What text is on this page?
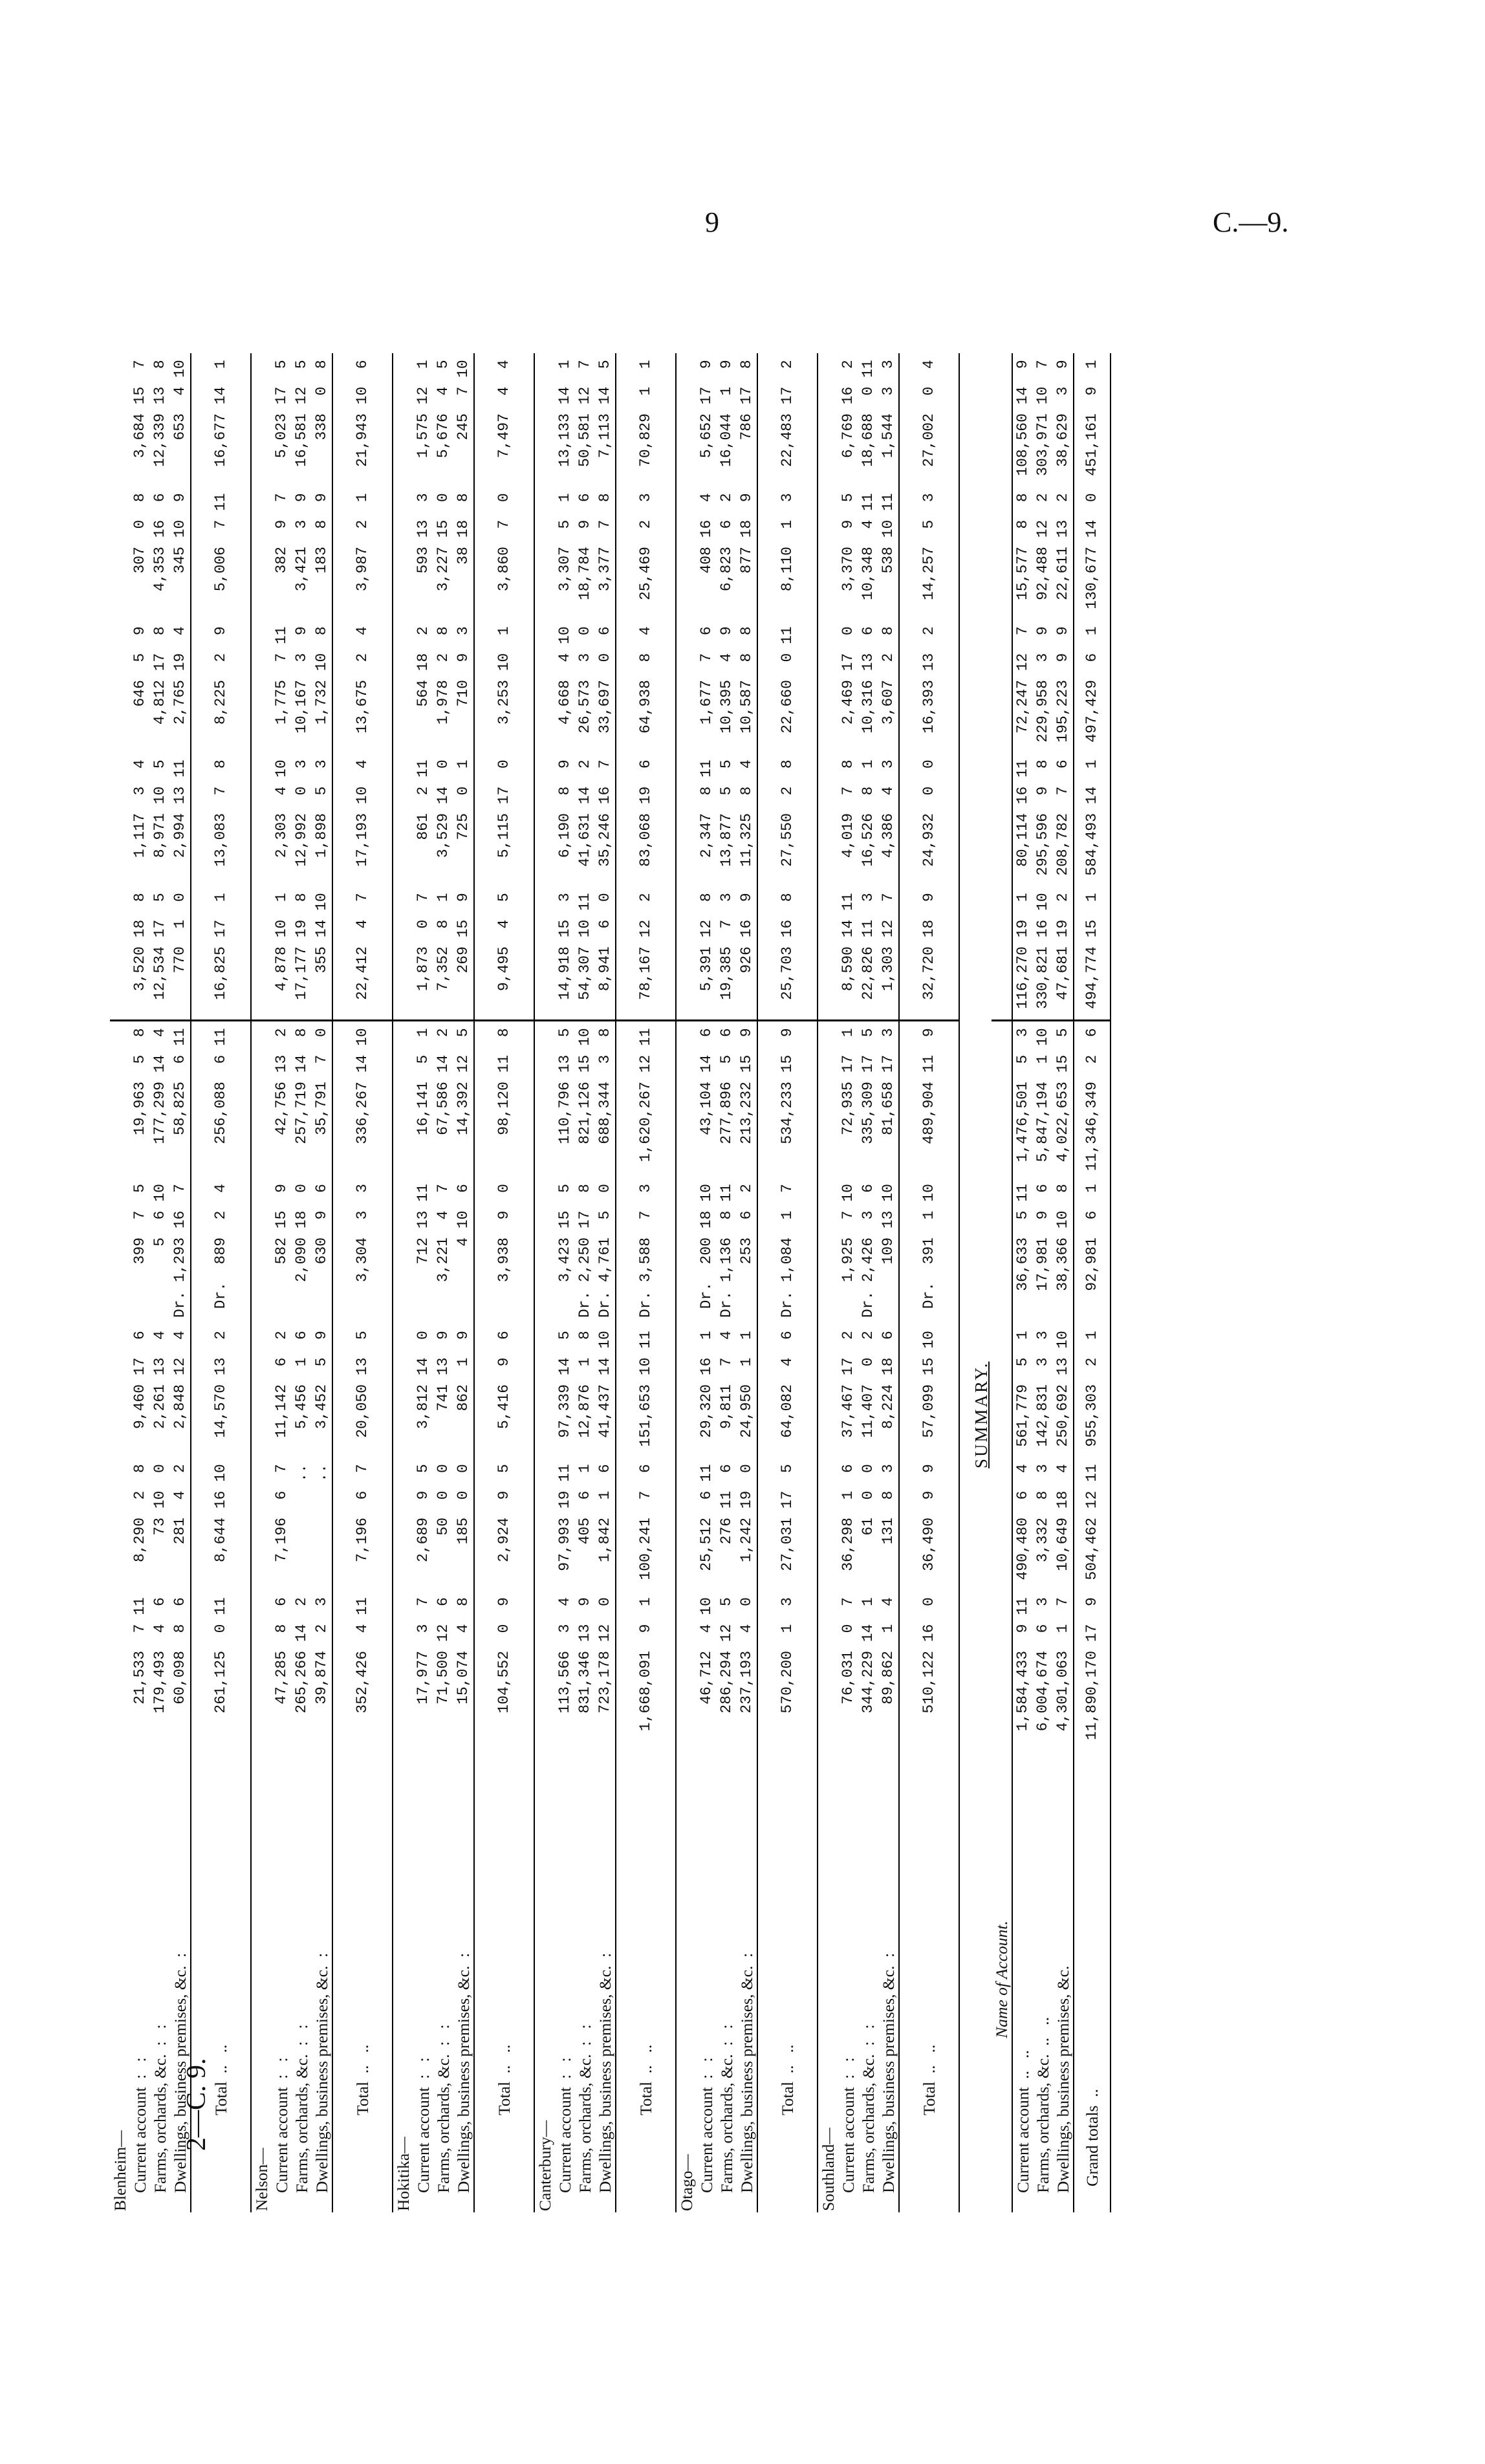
9	C.—9.
2—C. 9.
Blenheim—										
Current account  :   :	21,533  7 11	8,290  2  8	9,460 17  6	399  7  5	19,963  5  8	3,520 18  8	1,117  3  4	646  5  9	307  0  8	3,684 15  7
Farms, orchards, &c.  :   :	179,493  4  6	73 10  0	2,261 13  4	5  6 10	177,299 14  4	12,534 17  5	8,971 10  5	4,812 17  8	4,353 16  6	12,339 13  8
Dwellings, business premises, &c.  :	60,098  8  6	281  4  2	2,848 12  4	Dr. 1,293 16  7	58,825  6 11	770  1  0	2,994 13 11	2,765 19  4	345 10  9	653  4 10
Total  ..   ..	261,125  0 11	8,644 16 10	14,570 13  2	Dr.  889  2  4	256,088  6 11	16,825 17  1	13,083  7  8	8,225  2  9	5,006  7 11	16,677 14  1
Nelson—										
Current account  :   :	47,285  8  6	7,196  6  7	11,142  6  2	582 15  9	42,756 13  2	4,878 10  1	2,303  4 10	1,775  7 11	382  9  7	5,023 17  5
Farms, orchards, &c.  :   :	265,266 14  2	..	5,456  1  6	2,090 18  0	257,719 14  8	17,177 19  8	12,992  0  3	10,167  3  9	3,421  3  9	16,581 12  5
Dwellings, business premises, &c.  :	39,874  2  3	..	3,452  5  9	630  9  6	35,791  7  0	355 14 10	1,898  5  3	1,732 10  8	183  8  9	338  0  8
Total  ..   ..	352,426  4 11	7,196  6  7	20,050 13  5	3,304  3  3	336,267 14 10	22,412  4  7	17,193 10  4	13,675  2  4	3,987  2  1	21,943 10  6
Hokitika—										
Current account  :   :	17,977  3  7	2,689  9  5	3,812 14  0	712 13 11	16,141  5  1	1,873  0  7	861  2 11	564 18  2	593 13  3	1,575 12  1
Farms, orchards, &c.  :   :	71,500 12  6	50  0  0	741 13  9	3,221  4  7	67,586 14  2	7,352  8  1	3,529 14  0	1,978  2  8	3,227 15  0	5,676  4  5
Dwellings, business premises, &c.  :	15,074  4  8	185  0  0	862  1  9	4 10  6	14,392 12  5	269 15  9	725  0  1	710  9  3	38 18  8	245  7 10
Total  ..   ..	104,552  0  9	2,924  9  5	5,416  9  6	3,938  9  0	98,120 11  8	9,495  4  5	5,115 17  0	3,253 10  1	3,860  7  0	7,497  4  4
Canterbury—										
Current account  :   :	113,566  3  4	97,993 19 11	97,339 14  5	3,423 15  5	110,796 13  5	14,918 15  3	6,190  8  9	4,668  4 10	3,307  5  1	13,133 14  1
Farms, orchards, &c.  :   :	831,346 13  9	405  6  1	12,876  1  8	Dr. 2,250 17  8	821,126 15 10	54,307 10 11	41,631 14  2	26,573  3  0	18,784  9  6	50,581 12  7
Dwellings, business premises, &c.  :	723,178 12  0	1,842  1  6	41,437 14 10	Dr. 4,761  5  0	688,344  3  8	8,941  6  0	35,246 16  7	33,697  0  6	3,377  7  8	7,113 14  5
Total  ..   ..	1,668,091  9  1	100,241  7  6	151,653 10 11	Dr. 3,588  7  3	1,620,267 12 11	78,167 12  2	83,068 19  6	64,938  8  4	25,469  2  3	70,829  1  1
Otago—										
Current account  :   :	46,712  4 10	25,512  6 11	29,320 16  1	Dr.  200 18 10	43,104 14  6	5,391 12  8	2,347  8 11	1,677  7  6	408 16  4	5,652 17  9
Farms, orchards, &c.  :   :	286,294 12  5	276 11  6	9,811  7  4	Dr. 1,136  8 11	277,896  5  6	19,385  7  3	13,877  5  5	10,395  4  9	6,823  6  2	16,044  1  9
Dwellings, business premises, &c.  :	237,193  4  0	1,242 19  0	24,950  1  1	253  6  2	213,232 15  9	926 16  9	11,325  8  4	10,587  8  8	877 18  9	786 17  8
Total  ..   ..	570,200  1  3	27,031 17  5	64,082  4  6	Dr. 1,084  1  7	534,233 15  9	25,703 16  8	27,550  2  8	22,660  0 11	8,110  1  3	22,483 17  2
Southland—										
Current account  :   :	76,031  0  7	36,298  1  6	37,467 17  2	1,925  7 10	72,935 17  1	8,590 14 11	4,019  7  8	2,469 17  0	3,370  9  5	6,769 16  2
Farms, orchards, &c.  :   :	344,229 14  1	61  0  0	11,407  0  2	Dr. 2,426  3  6	335,309 17  5	22,826 11  3	16,526  8  1	10,316 13  6	10,348  4 11	18,688  0 11
Dwellings, business premises, &c.  :	89,862  1  4	131  8  3	8,224 18  6	109 13 10	81,658 17  3	1,303 12  7	4,386  4  3	3,607  2  8	538 10 11	1,544  3  3
Total  ..   ..	510,122 16  0	36,490  9  9	57,099 15 10	Dr.  391  1 10	489,904 11  9	32,720 18  9	24,932  0  0	16,393 13  2	14,257  5  3	27,002  0  4

	SUMMARY.									
Name of Account.										
Current account  ..   ..	1,584,433  9 11	490,480  6  4	561,779  5  1	36,633  5 11	1,476,501  5  3	116,270 19  1	80,114 16 11	72,247 12  7	15,577  8  8	108,560 14  9
Farms, orchards, &c.  ..   ..	6,004,674  6  3	3,332  8  3	142,831  3  3	17,981  9  6	5,847,194  1 10	330,821 16 10	295,596  9  8	229,958  3  9	92,488 12  2	303,971 10  7
Dwellings, business premises, &c.	4,301,063  1  7	10,649 18  4	250,692 13 10	38,366 10  8	4,022,653 15  5	47,681 19  2	208,782  7  6	195,223  9  9	22,611 13  2	38,629  3  9
Grand totals  ..	11,890,170 17  9	504,462 12 11	955,303  2  1	92,981  6  1	11,346,349  2  6	494,774 15  1	584,493 14  1	497,429  6  1	130,677 14  0	451,161  9  1
